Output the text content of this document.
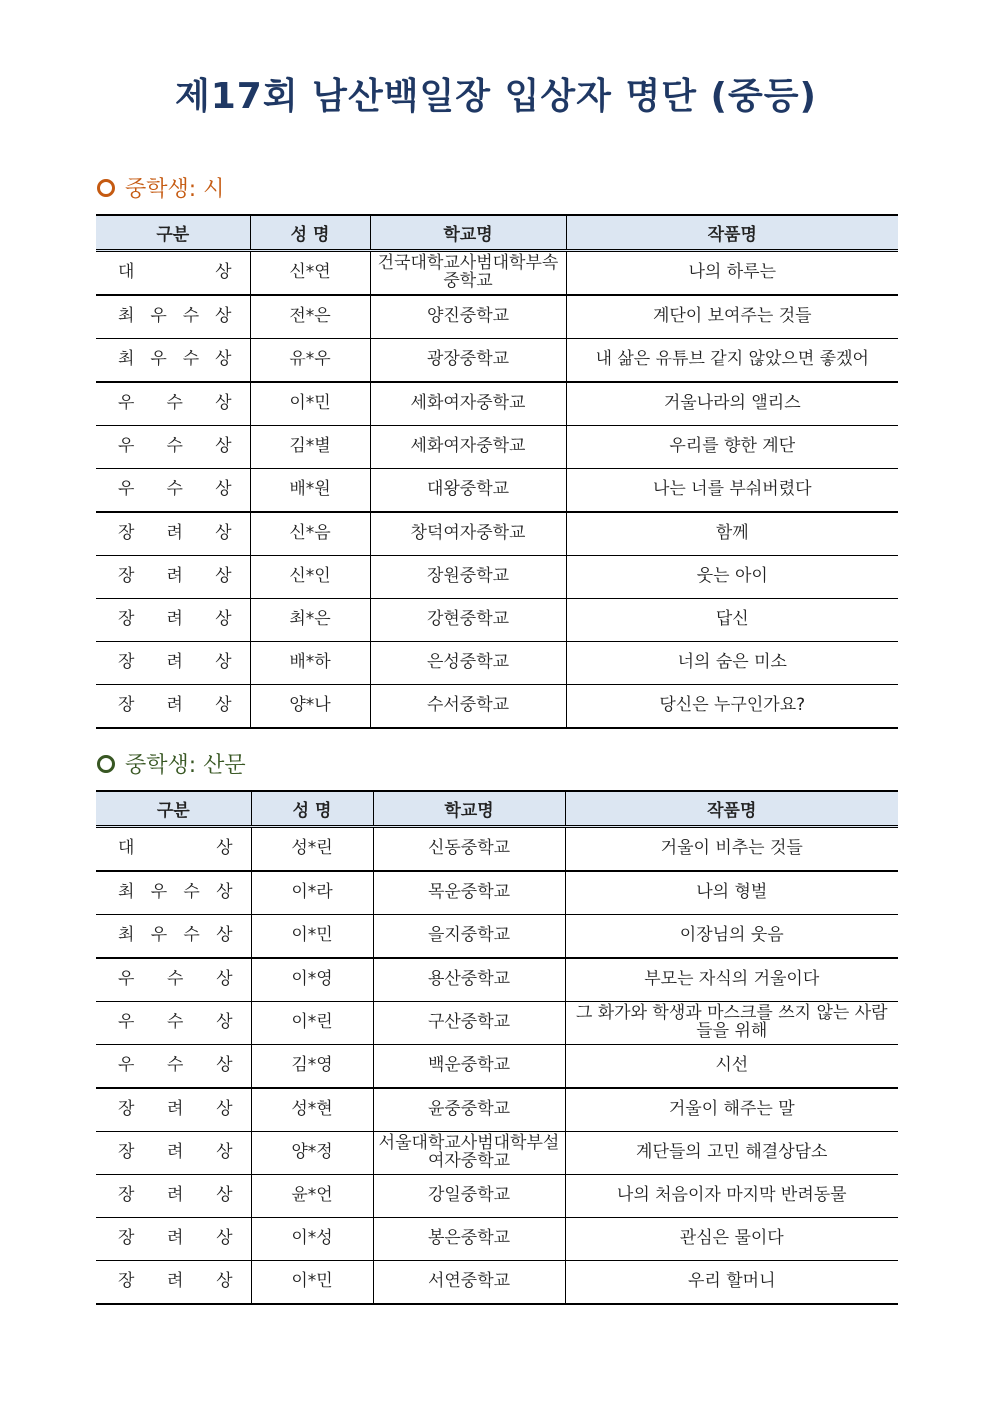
제17회 남산백일장 입상자 명단 (중등)
중학생: 시
구분	성 명	학교명	작품명

대 상	신*연	건국대학교사범대학부속중학교	나의 하루는

최 우 수 상	전*은	양진중학교	계단이 보여주는 것들

최 우 수 상	유*우	광장중학교	내 삶은 유튜브 같지 않았으면 좋겠어

우 수 상	이*민	세화여자중학교	거울나라의 앨리스

우 수 상	김*별	세화여자중학교	우리를 향한 계단

우 수 상	배*원	대왕중학교	나는 너를 부숴버렸다

장 려 상	신*음	창덕여자중학교	함께

장 려 상	신*인	장원중학교	웃는 아이

장 려 상	최*은	강현중학교	답신

장 려 상	배*하	은성중학교	너의 숨은 미소

장 려 상	양*나	수서중학교	당신은 누구인가요?
중학생: 산문
구분	성 명	학교명	작품명

대 상	성*린	신동중학교	거울이 비추는 것들

최 우 수 상	이*라	목운중학교	나의 형벌

최 우 수 상	이*민	을지중학교	이장님의 웃음

우 수 상	이*영	용산중학교	부모는 자식의 거울이다

우 수 상	이*린	구산중학교	그 화가와 학생과 마스크를 쓰지 않는 사람들을 위해

우 수 상	김*영	백운중학교	시선

장 려 상	성*현	윤중중학교	거울이 해주는 말

장 려 상	양*정	서울대학교사범대학부설여자중학교	계단들의 고민 해결상담소

장 려 상	윤*언	강일중학교	나의 처음이자 마지막 반려동물

장 려 상	이*성	봉은중학교	관심은 물이다

장 려 상	이*민	서연중학교	우리 할머니
